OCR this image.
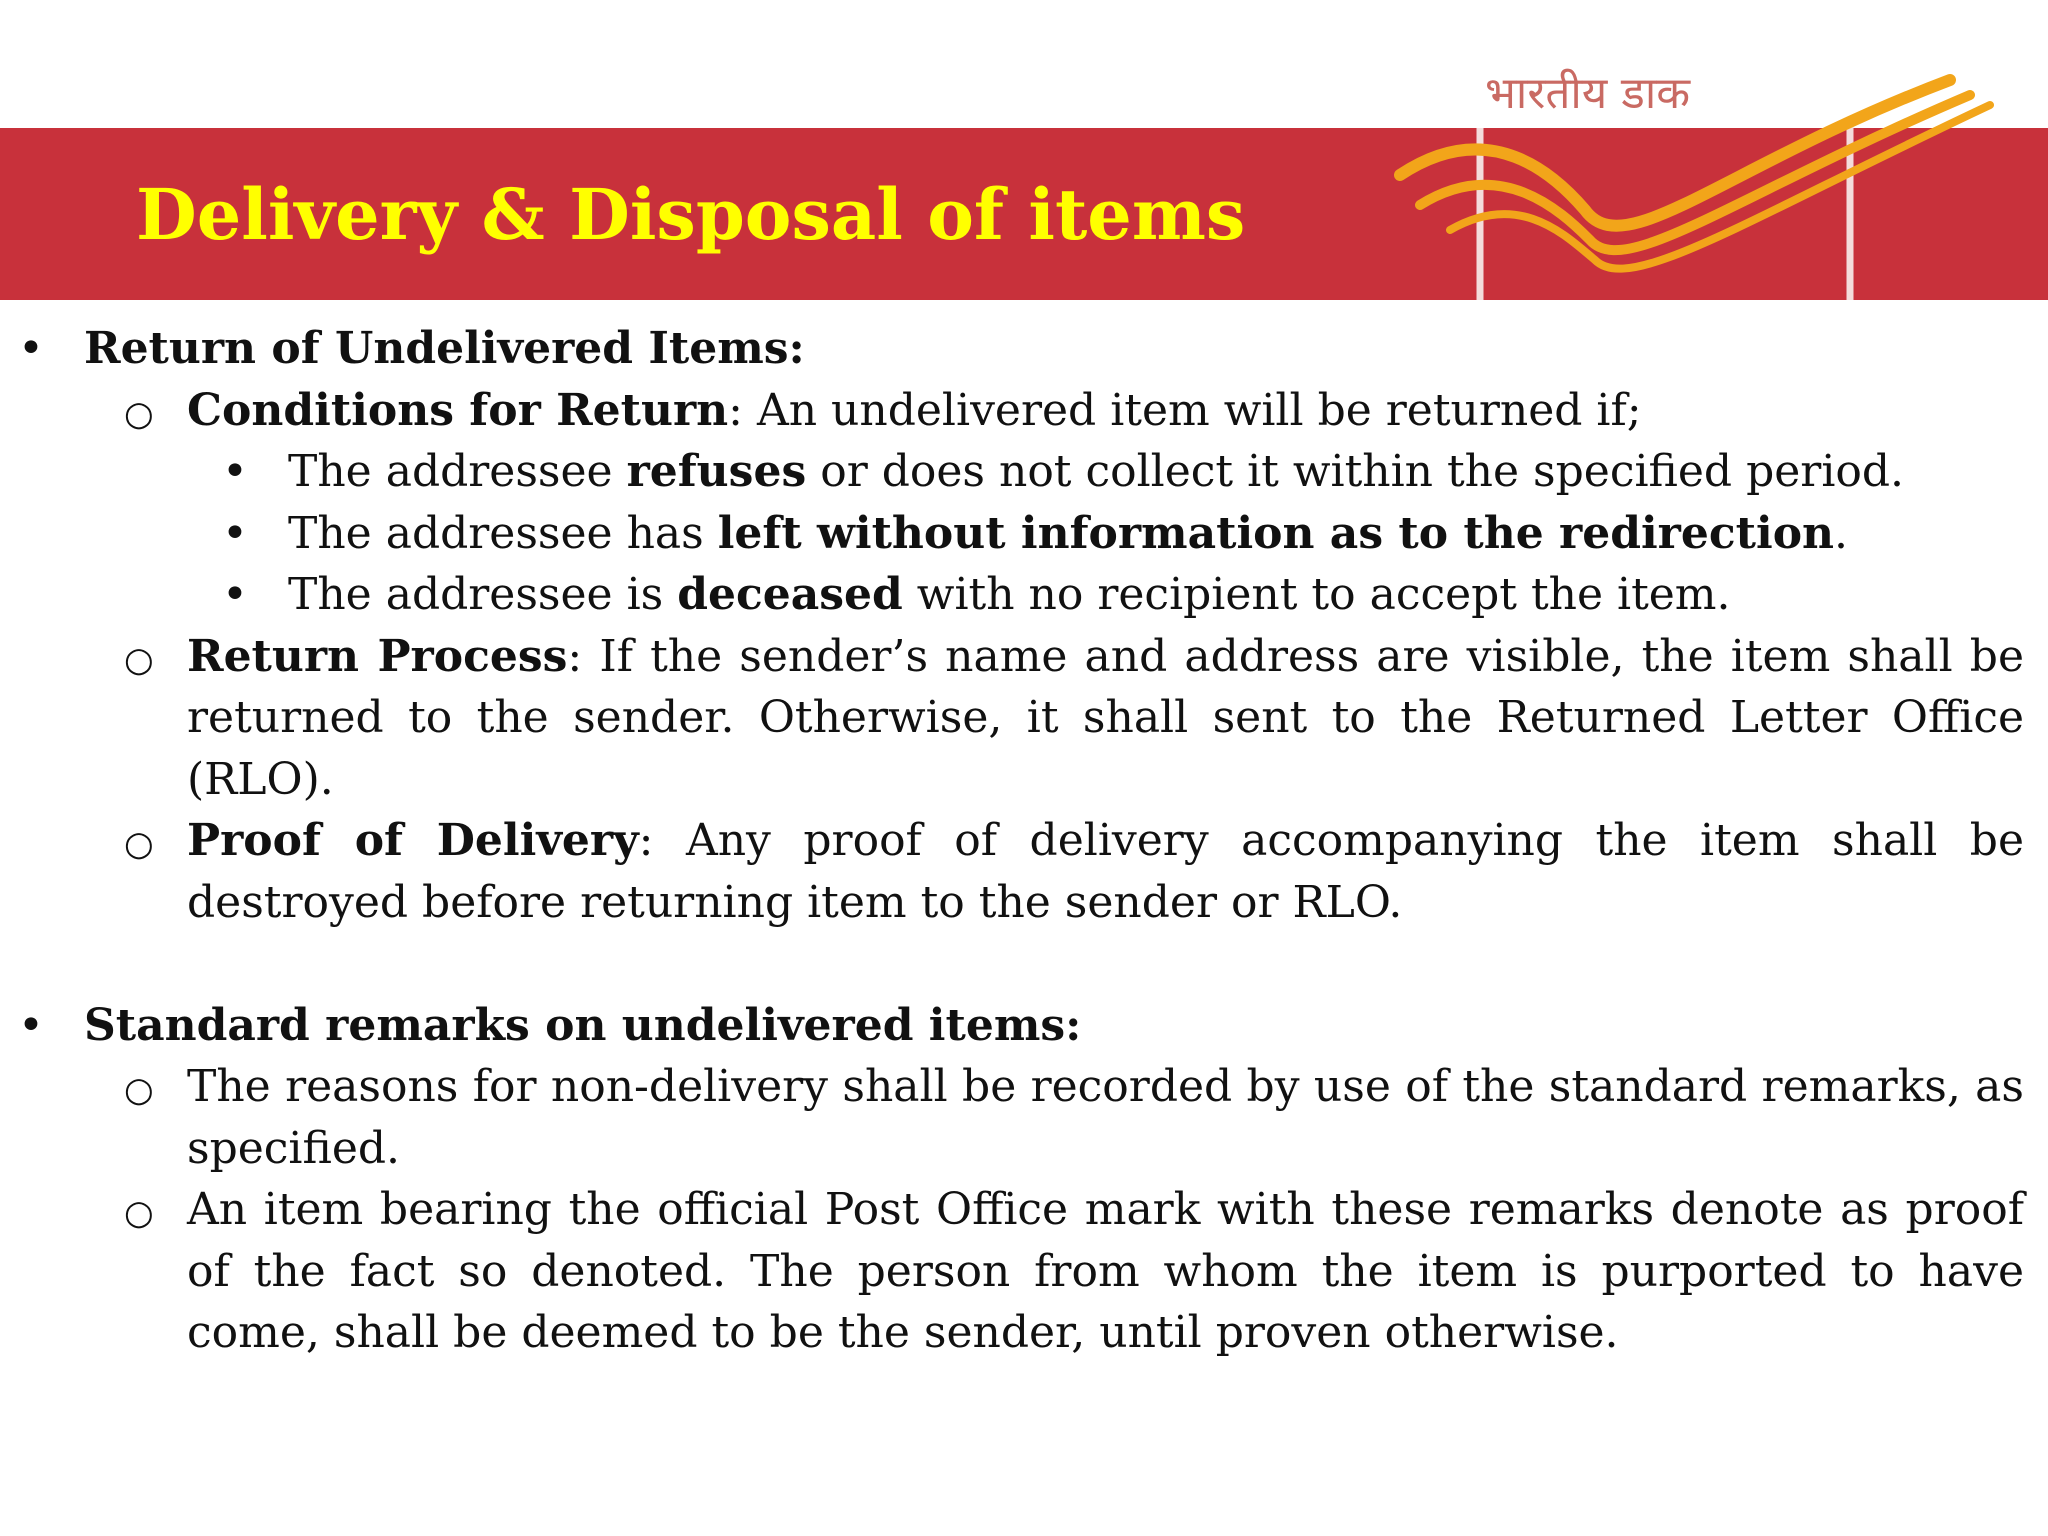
भारतीय डाक
Delivery & Disposal of items
• Return of Undelivered Items:
○ Conditions for Return: An undelivered item will be returned if;
• The addressee refuses or does not collect it within the specified period.
• The addressee has left without information as to the redirection.
• The addressee is deceased with no recipient to accept the item.
○ Return Process: If the sender’s name and address are visible, the item shall be returned to the sender. Otherwise, it shall sent to the Returned Letter Office (RLO).
○ Proof of Delivery: Any proof of delivery accompanying the item shall be destroyed before returning item to the sender or RLO.
• Standard remarks on undelivered items:
○ The reasons for non-delivery shall be recorded by use of the standard remarks, as specified.
○ An item bearing the official Post Office mark with these remarks denote as proof of the fact so denoted. The person from whom the item is purported to have come, shall be deemed to be the sender, until proven otherwise.
